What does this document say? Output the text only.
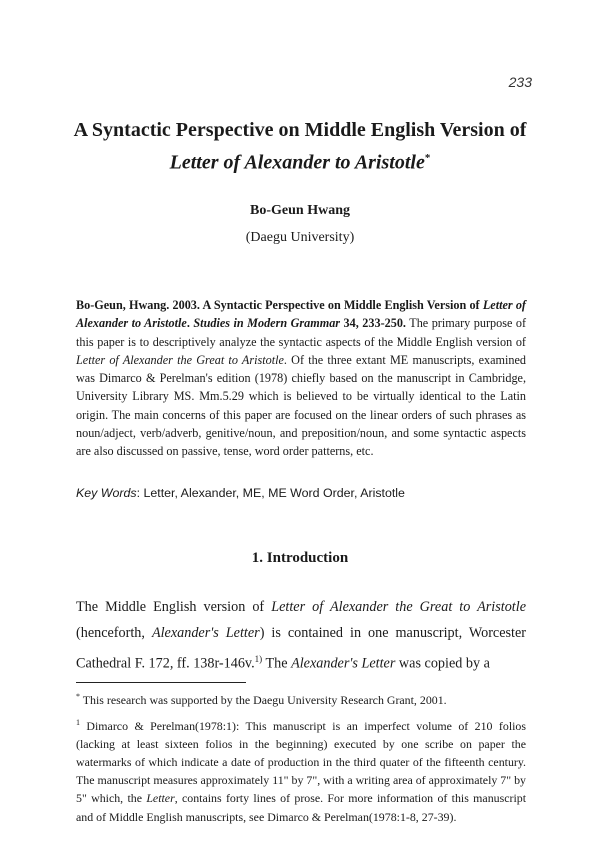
233
A Syntactic Perspective on Middle English Version of
Letter of Alexander to Aristotle*
Bo-Geun Hwang
(Daegu University)

Bo-Geun, Hwang. 2003. A Syntactic Perspective on Middle English Version of Letter of Alexander to Aristotle. Studies in Modern Grammar 34, 233-250. The primary purpose of this paper is to descriptively analyze the syntactic aspects of the Middle English version of Letter of Alexander the Great to Aristotle. Of the three extant ME manuscripts, examined was Dimarco & Perelman's edition (1978) chiefly based on the manuscript in Cambridge, University Library MS. Mm.5.29 which is believed to be virtually identical to the Latin origin. The main concerns of this paper are focused on the linear orders of such phrases as noun/adject, verb/adverb, genitive/noun, and preposition/noun, and some syntactic aspects are also discussed on passive, tense, word order patterns, etc.

Key Words: Letter, Alexander, ME, ME Word Order, Aristotle
1. Introduction

The Middle English version of Letter of Alexander the Great to Aristotle (henceforth, Alexander's Letter) is contained in one manuscript, Worcester Cathedral F. 172, ff. 138r-146v.$^{1)}$ The Alexander's Letter was copied by a

* This research was supported by the Daegu University Research Grant, 2001.

$^1$ Dimarco & Perelman(1978:1): This manuscript is an imperfect volume of 210 folios (lacking at least sixteen folios in the beginning) executed by one scribe on paper the watermarks of which indicate a date of production in the third quater of the fifteenth century. The manuscript measures approximately 11" by 7", with a writing area of approximately 7" by 5" which, the Letter, contains forty lines of prose. For more information of this manuscript and of Middle English manuscripts, see Dimarco & Perelman(1978:1-8, 27-39).
